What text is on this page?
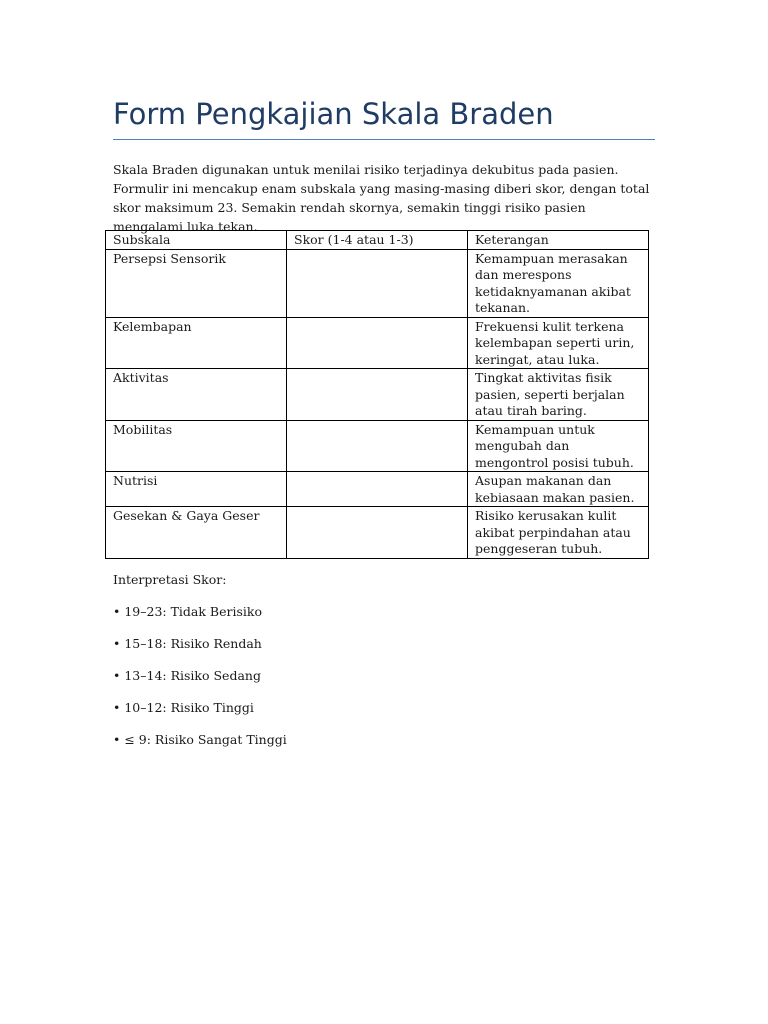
Form Pengkajian Skala Braden

Skala Braden digunakan untuk menilai risiko terjadinya dekubitus pada pasien. Formulir ini mencakup enam subskala yang masing-masing diberi skor, dengan total skor maksimum 23. Semakin rendah skornya, semakin tinggi risiko pasien mengalami luka tekan.

Subskala	Skor (1-4 atau 1-3)	Keterangan
Persepsi Sensorik		Kemampuan merasakan dan merespons ketidaknyamanan akibat tekanan.
Kelembapan		Frekuensi kulit terkena kelembapan seperti urin, keringat, atau luka.
Aktivitas		Tingkat aktivitas fisik pasien, seperti berjalan atau tirah baring.
Mobilitas		Kemampuan untuk mengubah dan mengontrol posisi tubuh.
Nutrisi		Asupan makanan dan kebiasaan makan pasien.
Gesekan & Gaya Geser		Risiko kerusakan kulit akibat perpindahan atau penggeseran tubuh.

Interpretasi Skor:

• 19–23: Tidak Berisiko

• 15–18: Risiko Rendah

• 13–14: Risiko Sedang

• 10–12: Risiko Tinggi

• ≤ 9: Risiko Sangat Tinggi
